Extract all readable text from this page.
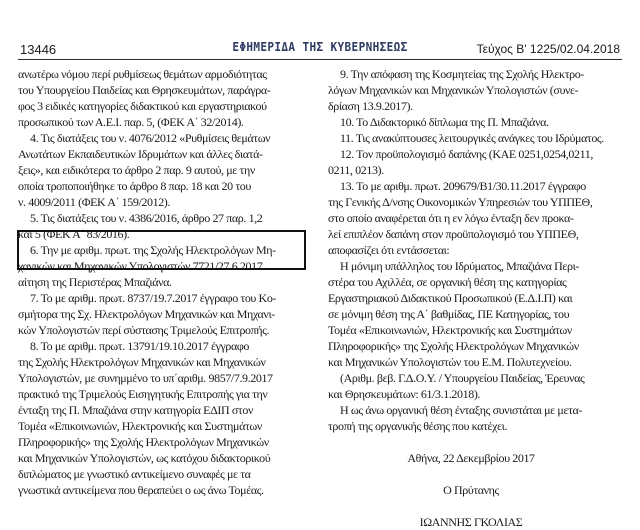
13446	ΕΦΗΜΕΡΙΔΑ ΤΗΣ ΚΥΒΕΡΝΗΣΕΩΣ	Τεύχος Β' 1225/02.04.2018
ανωτέρω νόμου περί ρυθμίσεως θεμάτων αρμοδιότητας
του Υπουργείου Παιδείας και Θρησκευμάτων, παράγρα-
φος 3 ειδικές κατηγορίες διδακτικού και εργαστηριακού
προσωπικού των Α.Ε.Ι. παρ. 5, (ΦΕΚ Α΄ 32/2014).
4. Τις διατάξεις του ν. 4076/2012 «Ρυθμίσεις θεμάτων
Ανωτάτων Εκπαιδευτικών Ιδρυμάτων και άλλες διατά-
ξεις», και ειδικότερα το άρθρο 2 παρ. 9 αυτού, με την
οποία τροποποιήθηκε το άρθρο 8 παρ. 18 και 20 του
ν. 4009/2011 (ΦΕΚ Α΄ 159/2012).
5. Τις διατάξεις του ν. 4386/2016, άρθρο 27 παρ. 1,2
και 5 (ΦΕΚ Α΄ 83/2016).
6. Την με αριθμ. πρωτ. της Σχολής Ηλεκτρολόγων Μη-
χανικών και Μηχανικών Υπολογιστών 7721/27.6.2017
αίτηση της Περιστέρας Μπαζιάνα.
7. Το με αριθμ. πρωτ. 8737/19.7.2017 έγγραφο του Κο-
σμήτορα της Σχ. Ηλεκτρολόγων Μηχανικών και Μηχανι-
κών Υπολογιστών περί σύστασης Τριμελούς Επιτροπής.
8. Το με αριθμ. πρωτ. 13791/19.10.2017 έγγραφο
της Σχολής Ηλεκτρολόγων Μηχανικών και Μηχανικών
Υπολογιστών, με συνημμένο το υπ΄αριθμ. 9857/7.9.2017
πρακτικό της Τριμελούς Εισηγητικής Επιτροπής για την
ένταξη της Π. Μπαζιάνα στην κατηγορία ΕΔΙΠ στον
Τομέα «Επικοινωνιών, Ηλεκτρονικής και Συστημάτων
Πληροφορικής» της Σχολής Ηλεκτρολόγων Μηχανικών
και Μηχανικών Υπολογιστών, ως κατόχου διδακτορικού
διπλώματος με γνωστικό αντικείμενο συναφές με τα
γνωστικά αντικείμενα που θεραπεύει ο ως άνω Τομέας.
9. Την απόφαση της Κοσμητείας της Σχολής Ηλεκτρο-
λόγων Μηχανικών και Μηχανικών Υπολογιστών (συνε-
δρίαση 13.9.2017).
10. Το Διδακτορικό δίπλωμα της Π. Μπαζιάνα.
11. Τις ανακύπτουσες λειτουργικές ανάγκες του Ιδρύματος.
12. Τον προϋπολογισμό δαπάνης (ΚΑΕ 0251,0254,0211,
0211, 0213).
13. Το με αριθμ. πρωτ. 209679/Β1/30.11.2017 έγγραφο
της Γενικής Δ/νσης Οικονομικών Υπηρεσιών του ΥΠΠΕΘ,
στο οποίο αναφέρεται ότι η εν λόγω ένταξη δεν προκα-
λεί επιπλέον δαπάνη στον προϋπολογισμό του ΥΠΠΕΘ,
αποφασίζει ότι εντάσσεται:
Η μόνιμη υπάλληλος του Ιδρύματος, Μπαζιάνα Περι-
στέρα του Αχιλλέα, σε οργανική θέση της κατηγορίας
Εργαστηριακού Διδακτικού Προσωπικού (Ε.Δ.Ι.Π) και
σε μόνιμη θέση της Α΄ βαθμίδας, ΠΕ Κατηγορίας, του
Τομέα «Επικοινωνιών, Ηλεκτρονικής και Συστημάτων
Πληροφορικής» της Σχολής Ηλεκτρολόγων Μηχανικών
και Μηχανικών Υπολογιστών του Ε.Μ. Πολυτεχνείου.
(Αριθμ. βεβ. Γ.Δ.Ο.Υ. / Υπουργείου Παιδείας, Έρευνας
και Θρησκευμάτων: 61/3.1.2018).
Η ως άνω οργανική θέση ένταξης συνιστάται με μετα-
τροπή της οργανικής θέσης που κατέχει.
Αθήνα, 22 Δεκεμβρίου 2017
Ο Πρύτανης
ΙΩΑΝΝΗΣ ΓΚΟΛΙΑΣ
